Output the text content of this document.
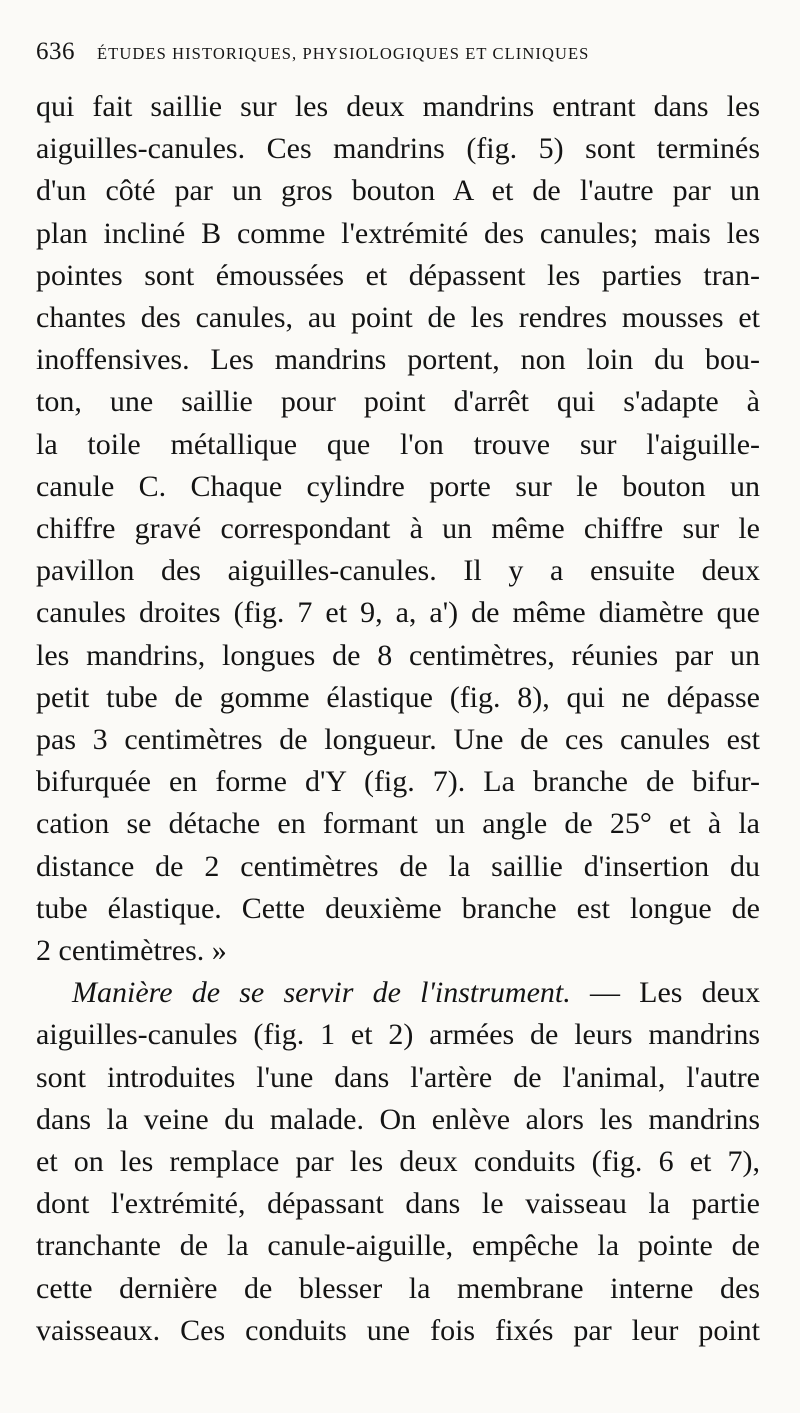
636 ÉTUDES HISTORIQUES, PHYSIOLOGIQUES ET CLINIQUES
qui fait saillie sur les deux mandrins entrant dans les
aiguilles-canules. Ces mandrins (fig. 5) sont terminés
d'un côté par un gros bouton A et de l'autre par un
plan incliné B comme l'extrémité des canules; mais les
pointes sont émoussées et dépassent les parties tran-
chantes des canules, au point de les rendres mousses et
inoffensives. Les mandrins portent, non loin du bou-
ton, une saillie pour point d'arrêt qui s'adapte à
la toile métallique que l'on trouve sur l'aiguille-
canule C. Chaque cylindre porte sur le bouton un
chiffre gravé correspondant à un même chiffre sur le
pavillon des aiguilles-canules. Il y a ensuite deux
canules droites (fig. 7 et 9, a, a') de même diamètre que
les mandrins, longues de 8 centimètres, réunies par un
petit tube de gomme élastique (fig. 8), qui ne dépasse
pas 3 centimètres de longueur. Une de ces canules est
bifurquée en forme d'Y (fig. 7). La branche de bifur-
cation se détache en formant un angle de 25° et à la
distance de 2 centimètres de la saillie d'insertion du
tube élastique. Cette deuxième branche est longue de
2 centimètres. »
Manière de se servir de l'instrument. — Les deux
aiguilles-canules (fig. 1 et 2) armées de leurs mandrins
sont introduites l'une dans l'artère de l'animal, l'autre
dans la veine du malade. On enlève alors les mandrins
et on les remplace par les deux conduits (fig. 6 et 7),
dont l'extrémité, dépassant dans le vaisseau la partie
tranchante de la canule-aiguille, empêche la pointe de
cette dernière de blesser la membrane interne des
vaisseaux. Ces conduits une fois fixés par leur point
